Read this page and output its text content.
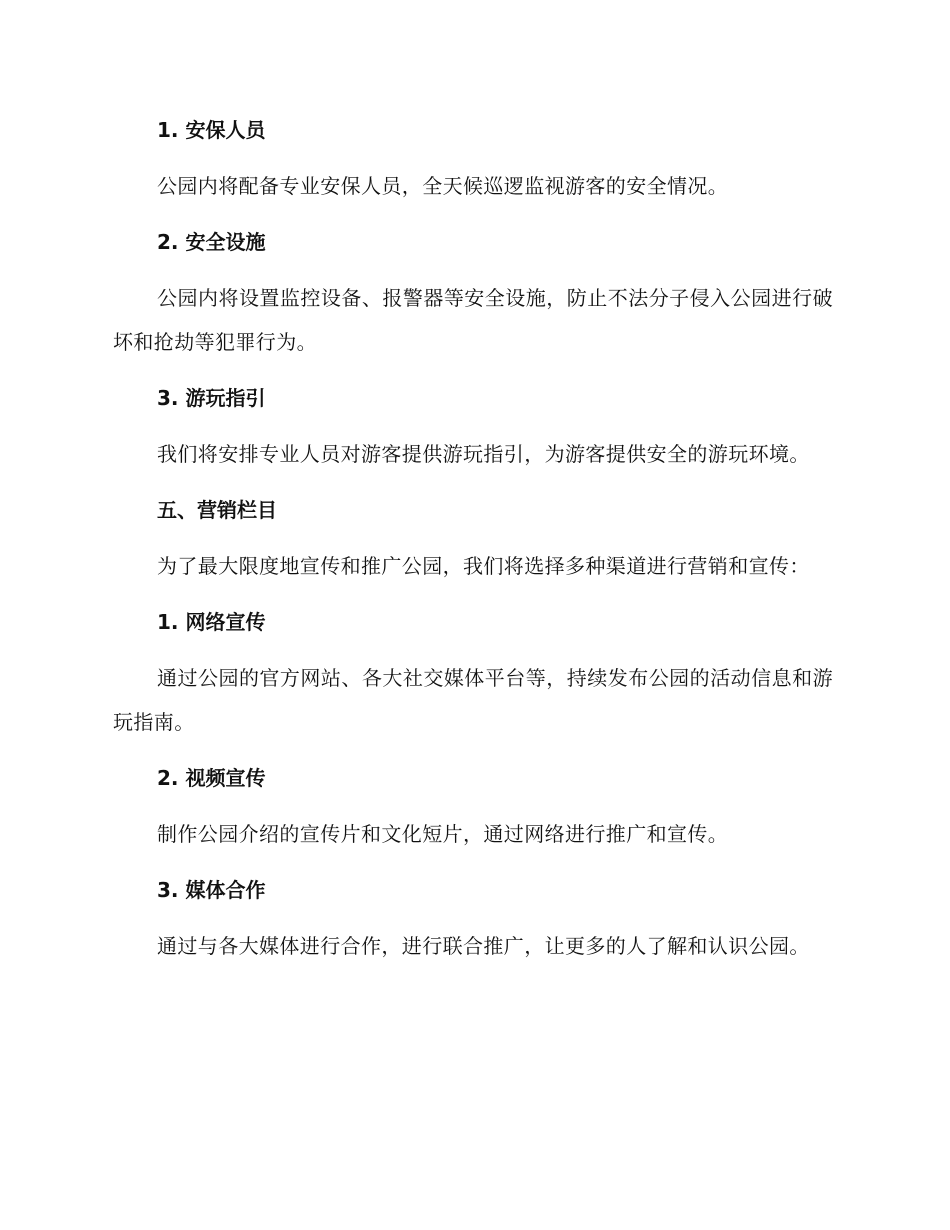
1. 安保人员
公园内将配备专业安保人员，全天候巡逻监视游客的安全情况。
2. 安全设施
公园内将设置监控设备、报警器等安全设施，防止不法分子侵入公园进行破坏和抢劫等犯罪行为。
3. 游玩指引
我们将安排专业人员对游客提供游玩指引，为游客提供安全的游玩环境。
五、营销栏目
为了最大限度地宣传和推广公园，我们将选择多种渠道进行营销和宣传：
1. 网络宣传
通过公园的官方网站、各大社交媒体平台等，持续发布公园的活动信息和游玩指南。
2. 视频宣传
制作公园介绍的宣传片和文化短片，通过网络进行推广和宣传。
3. 媒体合作
通过与各大媒体进行合作，进行联合推广，让更多的人了解和认识公园。
